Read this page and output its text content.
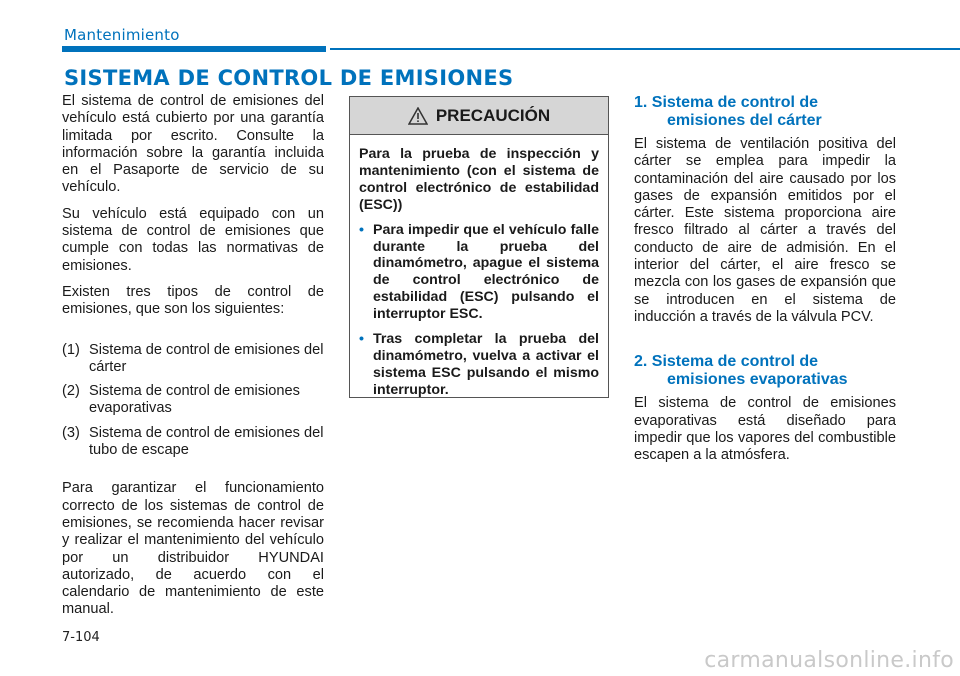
Mantenimiento
SISTEMA DE CONTROL DE EMISIONES

El sistema de control de emisiones del vehículo está cubierto por una garantía limitada por escrito. Consulte la información sobre la garantía incluida en el Pasaporte de servicio de su vehículo.

Su vehículo está equipado con un sistema de control de emisiones que cumple con todas las normativas de emisiones.

Existen tres tipos de control de emisiones, que son los siguientes:

(1) Sistema de control de emisiones del cárter
(2) Sistema de control de emisiones evaporativas
(3) Sistema de control de emisiones del tubo de escape

Para garantizar el funcionamiento correcto de los sistemas de control de emisiones, se recomienda hacer revisar y realizar el mantenimiento del vehículo por un distribuidor HYUNDAI autorizado, de acuerdo con el calendario de mantenimiento de este manual.

PRECAUCIÓN

Para la prueba de inspección y mantenimiento (con el sistema de control electrónico de estabilidad (ESC))

• Para impedir que el vehículo falle durante la prueba del dinamómetro, apague el sistema de control electrónico de estabilidad (ESC) pulsando el interruptor ESC.
• Tras completar la prueba del dinamómetro, vuelva a activar el sistema ESC pulsando el mismo interruptor.
1. Sistema de control de emisiones del cárter

El sistema de ventilación positiva del cárter se emplea para impedir la contaminación del aire causado por los gases de expansión emitidos por el cárter. Este sistema proporciona aire fresco filtrado al cárter a través del conducto de aire de admisión. En el interior del cárter, el aire fresco se mezcla con los gases de expansión que se introducen en el sistema de inducción a través de la válvula PCV.

2. Sistema de control de emisiones evaporativas

El sistema de control de emisiones evaporativas está diseñado para impedir que los vapores del combustible escapen a la atmósfera.

7-104
carmanualsonline.info
